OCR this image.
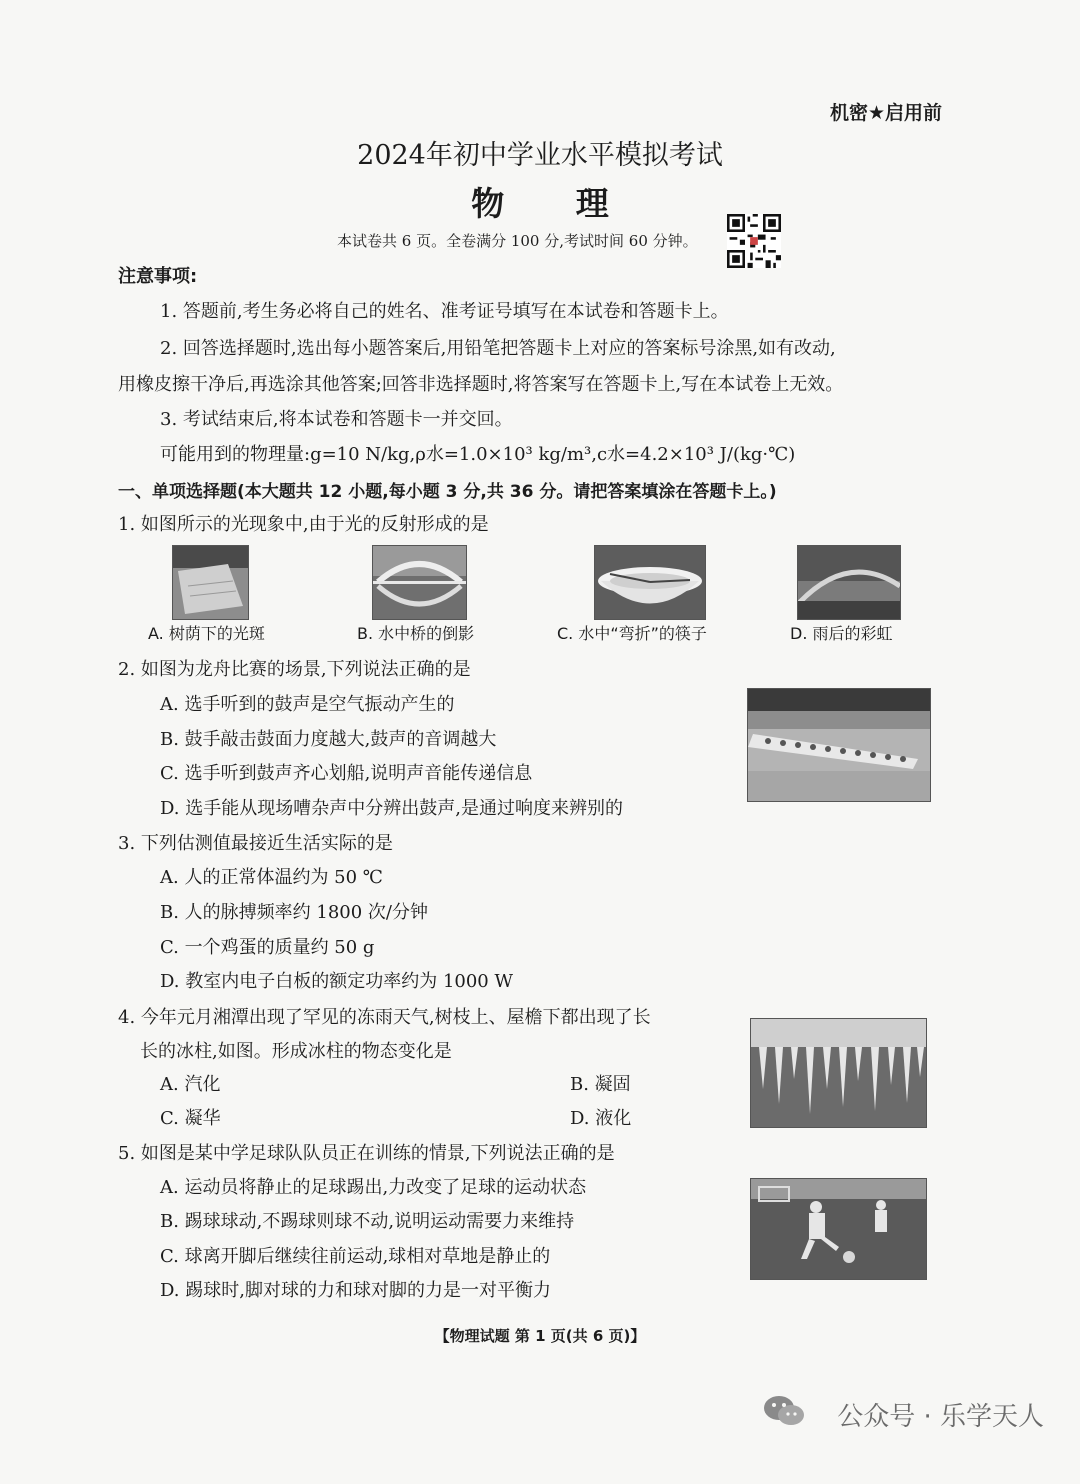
机密★启用前
2024年初中学业水平模拟考试
物 理
本试卷共 6 页。全卷满分 100 分,考试时间 60 分钟。
注意事项:
1. 答题前,考生务必将自己的姓名、准考证号填写在本试卷和答题卡上。
2. 回答选择题时,选出每小题答案后,用铅笔把答题卡上对应的答案标号涂黑,如有改动,
用橡皮擦干净后,再选涂其他答案;回答非选择题时,将答案写在答题卡上,写在本试卷上无效。
3. 考试结束后,将本试卷和答题卡一并交回。
可能用到的物理量:g=10 N/kg,ρ水=1.0×10³ kg/m³,c水=4.2×10³ J/(kg·℃)
一、单项选择题(本大题共 12 小题,每小题 3 分,共 36 分。请把答案填涂在答题卡上。)
1. 如图所示的光现象中,由于光的反射形成的是
A. 树荫下的光斑	B. 水中桥的倒影	C. 水中“弯折”的筷子	D. 雨后的彩虹
2. 如图为龙舟比赛的场景,下列说法正确的是
A. 选手听到的鼓声是空气振动产生的
B. 鼓手敲击鼓面力度越大,鼓声的音调越大
C. 选手听到鼓声齐心划船,说明声音能传递信息
D. 选手能从现场嘈杂声中分辨出鼓声,是通过响度来辨别的
3. 下列估测值最接近生活实际的是
A. 人的正常体温约为 50 ℃
B. 人的脉搏频率约 1800 次/分钟
C. 一个鸡蛋的质量约 50 g
D. 教室内电子白板的额定功率约为 1000 W
4. 今年元月湘潭出现了罕见的冻雨天气,树枝上、屋檐下都出现了长
长的冰柱,如图。形成冰柱的物态变化是
A. 汽化	B. 凝固
C. 凝华	D. 液化
5. 如图是某中学足球队队员正在训练的情景,下列说法正确的是
A. 运动员将静止的足球踢出,力改变了足球的运动状态
B. 踢球球动,不踢球则球不动,说明运动需要力来维持
C. 球离开脚后继续往前运动,球相对草地是静止的
D. 踢球时,脚对球的力和球对脚的力是一对平衡力
【物理试题 第 1 页(共 6 页)】
公众号 · 乐学天人
